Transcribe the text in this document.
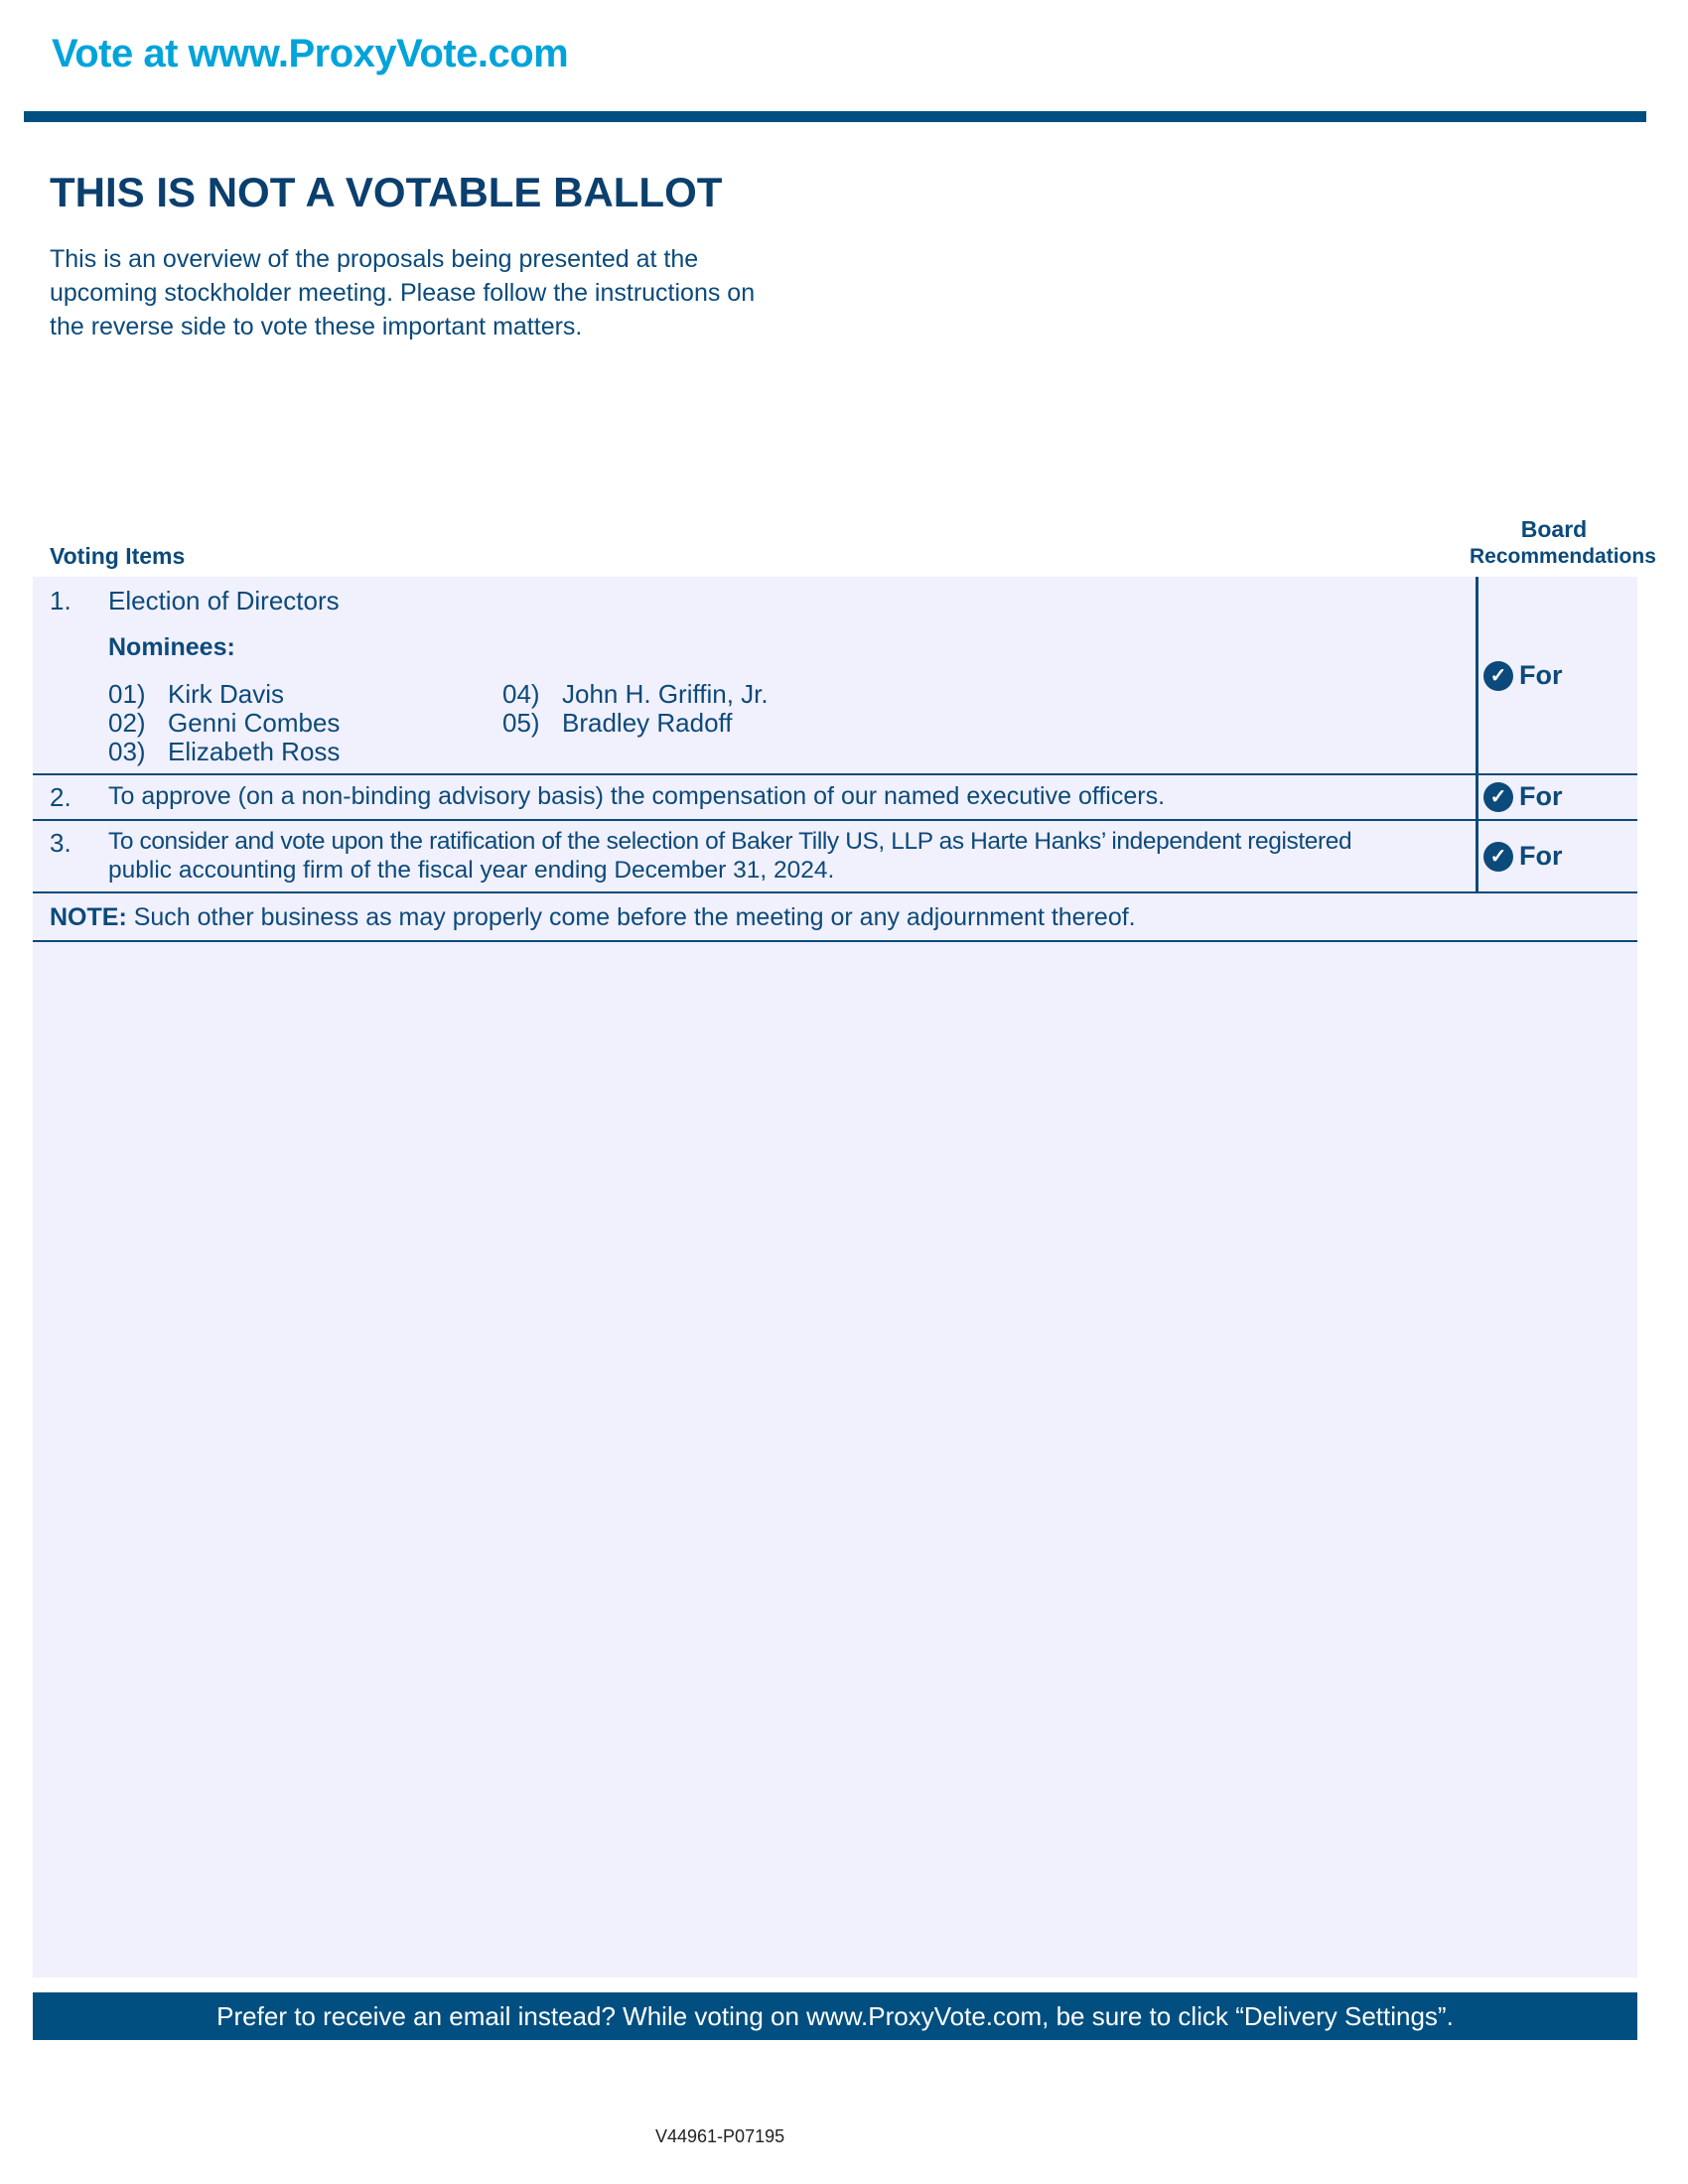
Vote at www.ProxyVote.com
THIS IS NOT A VOTABLE BALLOT
This is an overview of the proposals being presented at the
upcoming stockholder meeting. Please follow the instructions on
the reverse side to vote these important matters.
Voting Items
Board
Recommendations
1. Election of Directors
Nominees:
01) Kirk Davis
02) Genni Combes
03) Elizabeth Ross
04) John H. Griffin, Jr.
05) Bradley Radoff
✓ For
2. To approve (on a non-binding advisory basis) the compensation of our named executive officers.	✓ For
3. To consider and vote upon the ratification of the selection of Baker Tilly US, LLP as Harte Hanks’ independent registered
public accounting firm of the fiscal year ending December 31, 2024.	✓ For
NOTE: Such other business as may properly come before the meeting or any adjournment thereof.
Prefer to receive an email instead? While voting on www.ProxyVote.com, be sure to click “Delivery Settings”.
V44961-P07195
